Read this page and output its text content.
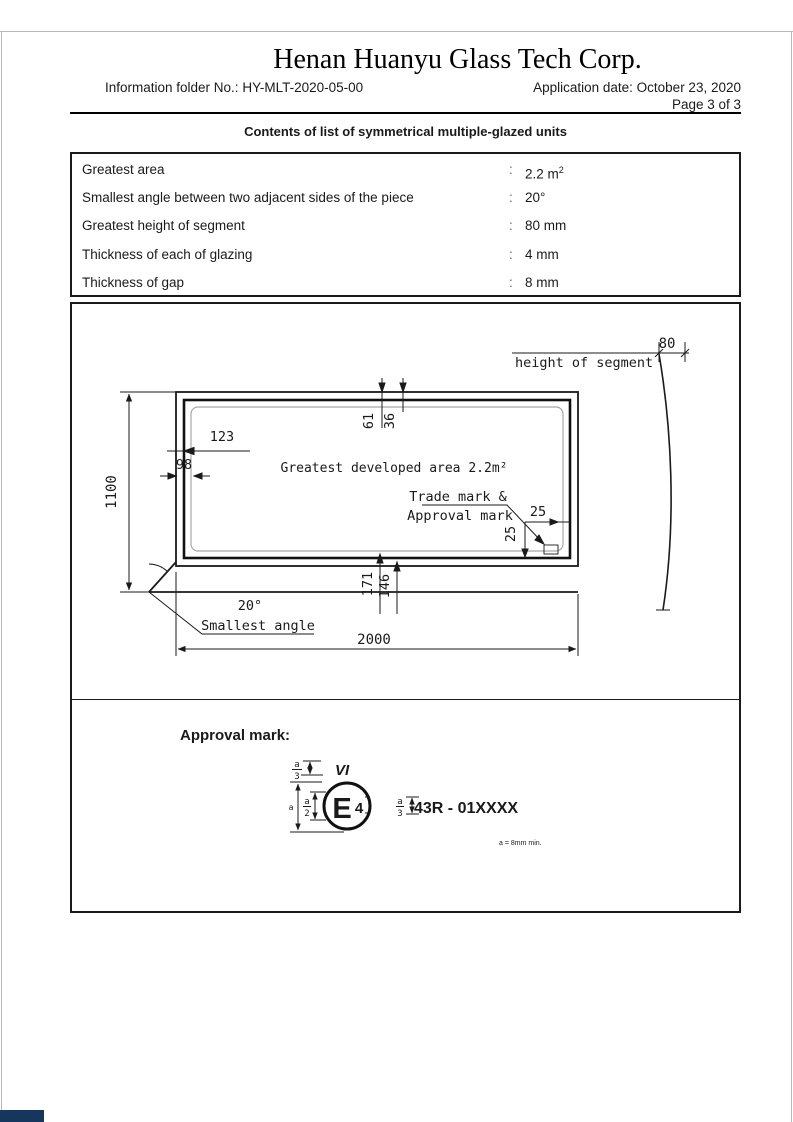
Henan Huanyu Glass Tech Corp.
Information folder No.: HY-MLT-2020-05-00	Application date: October 23, 2020
Page 3 of 3
Contents of list of symmetrical multiple-glazed units
Greatest area	: 2.2 $m^2$
Smallest angle between two adjacent sides of the piece	: 20°
Greatest height of segment	: 80 mm
Thickness of each of glazing	: 4 mm
Thickness of gap	: 8 mm
80
height of segment
20°
Smallest angle
1100
2000
123
98
61 36
Greatest developed area 2.2m²
Trade mark &
Approval mark 25
25
171 146
Approval mark:
a
3 VI
a
a
2 E 4	a
3 43R - 01XXXX
a = 8mm min.
